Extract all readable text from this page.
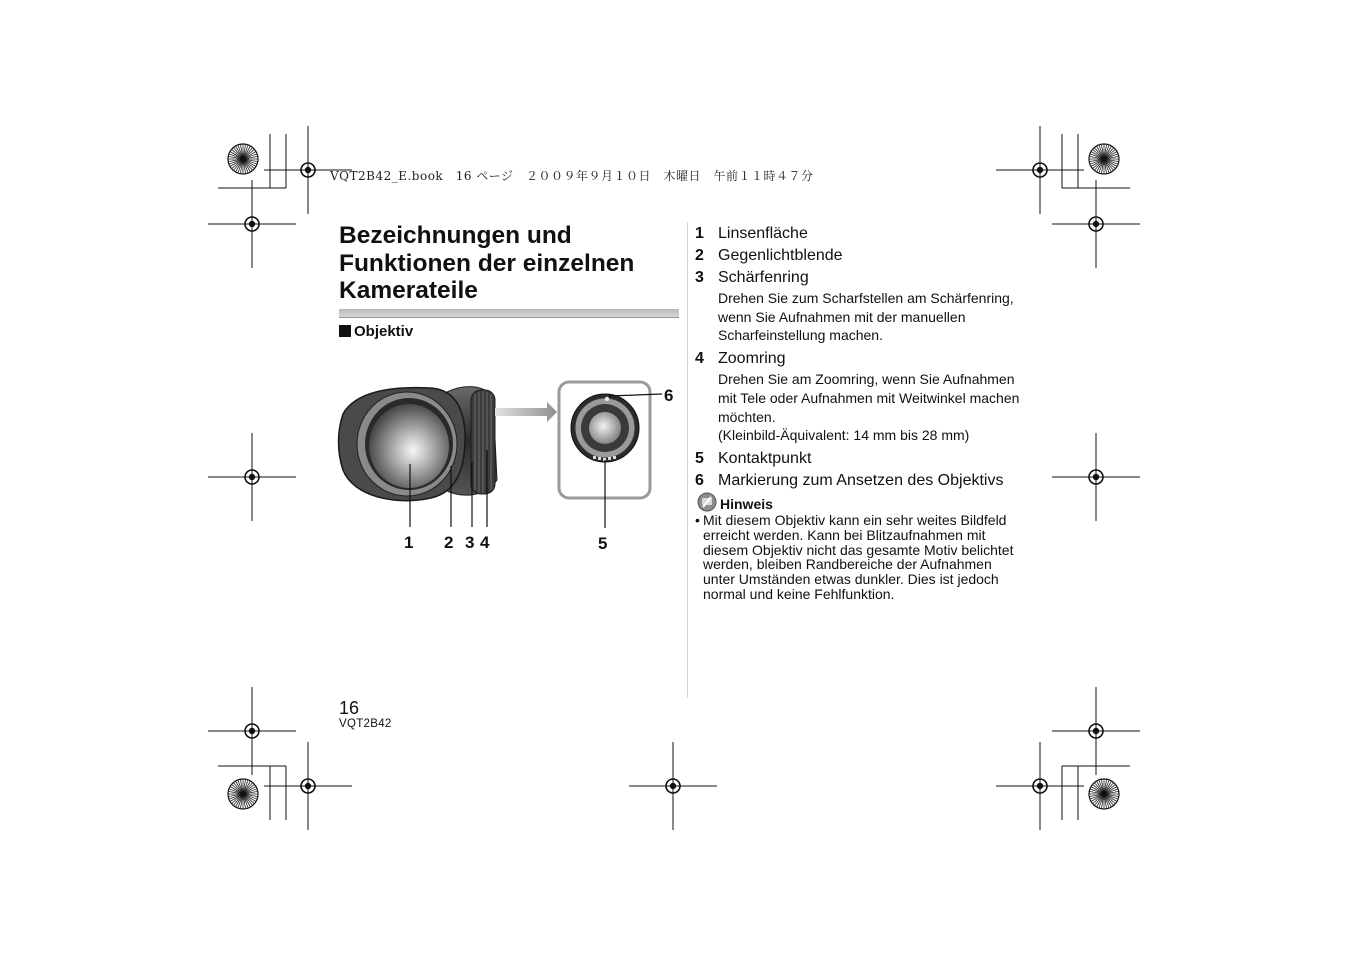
VQT2B42_E.book　16 ページ　２００９年９月１０日　木曜日　午前１１時４７分
Bezeichnungen und
Funktionen der einzelnen
Kamerateile
Objektiv
1 2 3 4	5
6
1 Linsenfläche
2 Gegenlichtblende
3 Schärfenring
Drehen Sie zum Scharfstellen am Schärfenring,
wenn Sie Aufnahmen mit der manuellen
Scharfeinstellung machen.
4 Zoomring
Drehen Sie am Zoomring, wenn Sie Aufnahmen
mit Tele oder Aufnahmen mit Weitwinkel machen
möchten.
(Kleinbild-Äquivalent: 14 mm bis 28 mm)
5 Kontaktpunkt
6 Markierung zum Ansetzen des Objektivs
Hinweis
• Mit diesem Objektiv kann ein sehr weites Bildfeld
erreicht werden. Kann bei Blitzaufnahmen mit
diesem Objektiv nicht das gesamte Motiv belichtet
werden, bleiben Randbereiche der Aufnahmen
unter Umständen etwas dunkler. Dies ist jedoch
normal und keine Fehlfunktion.
16
VQT2B42
